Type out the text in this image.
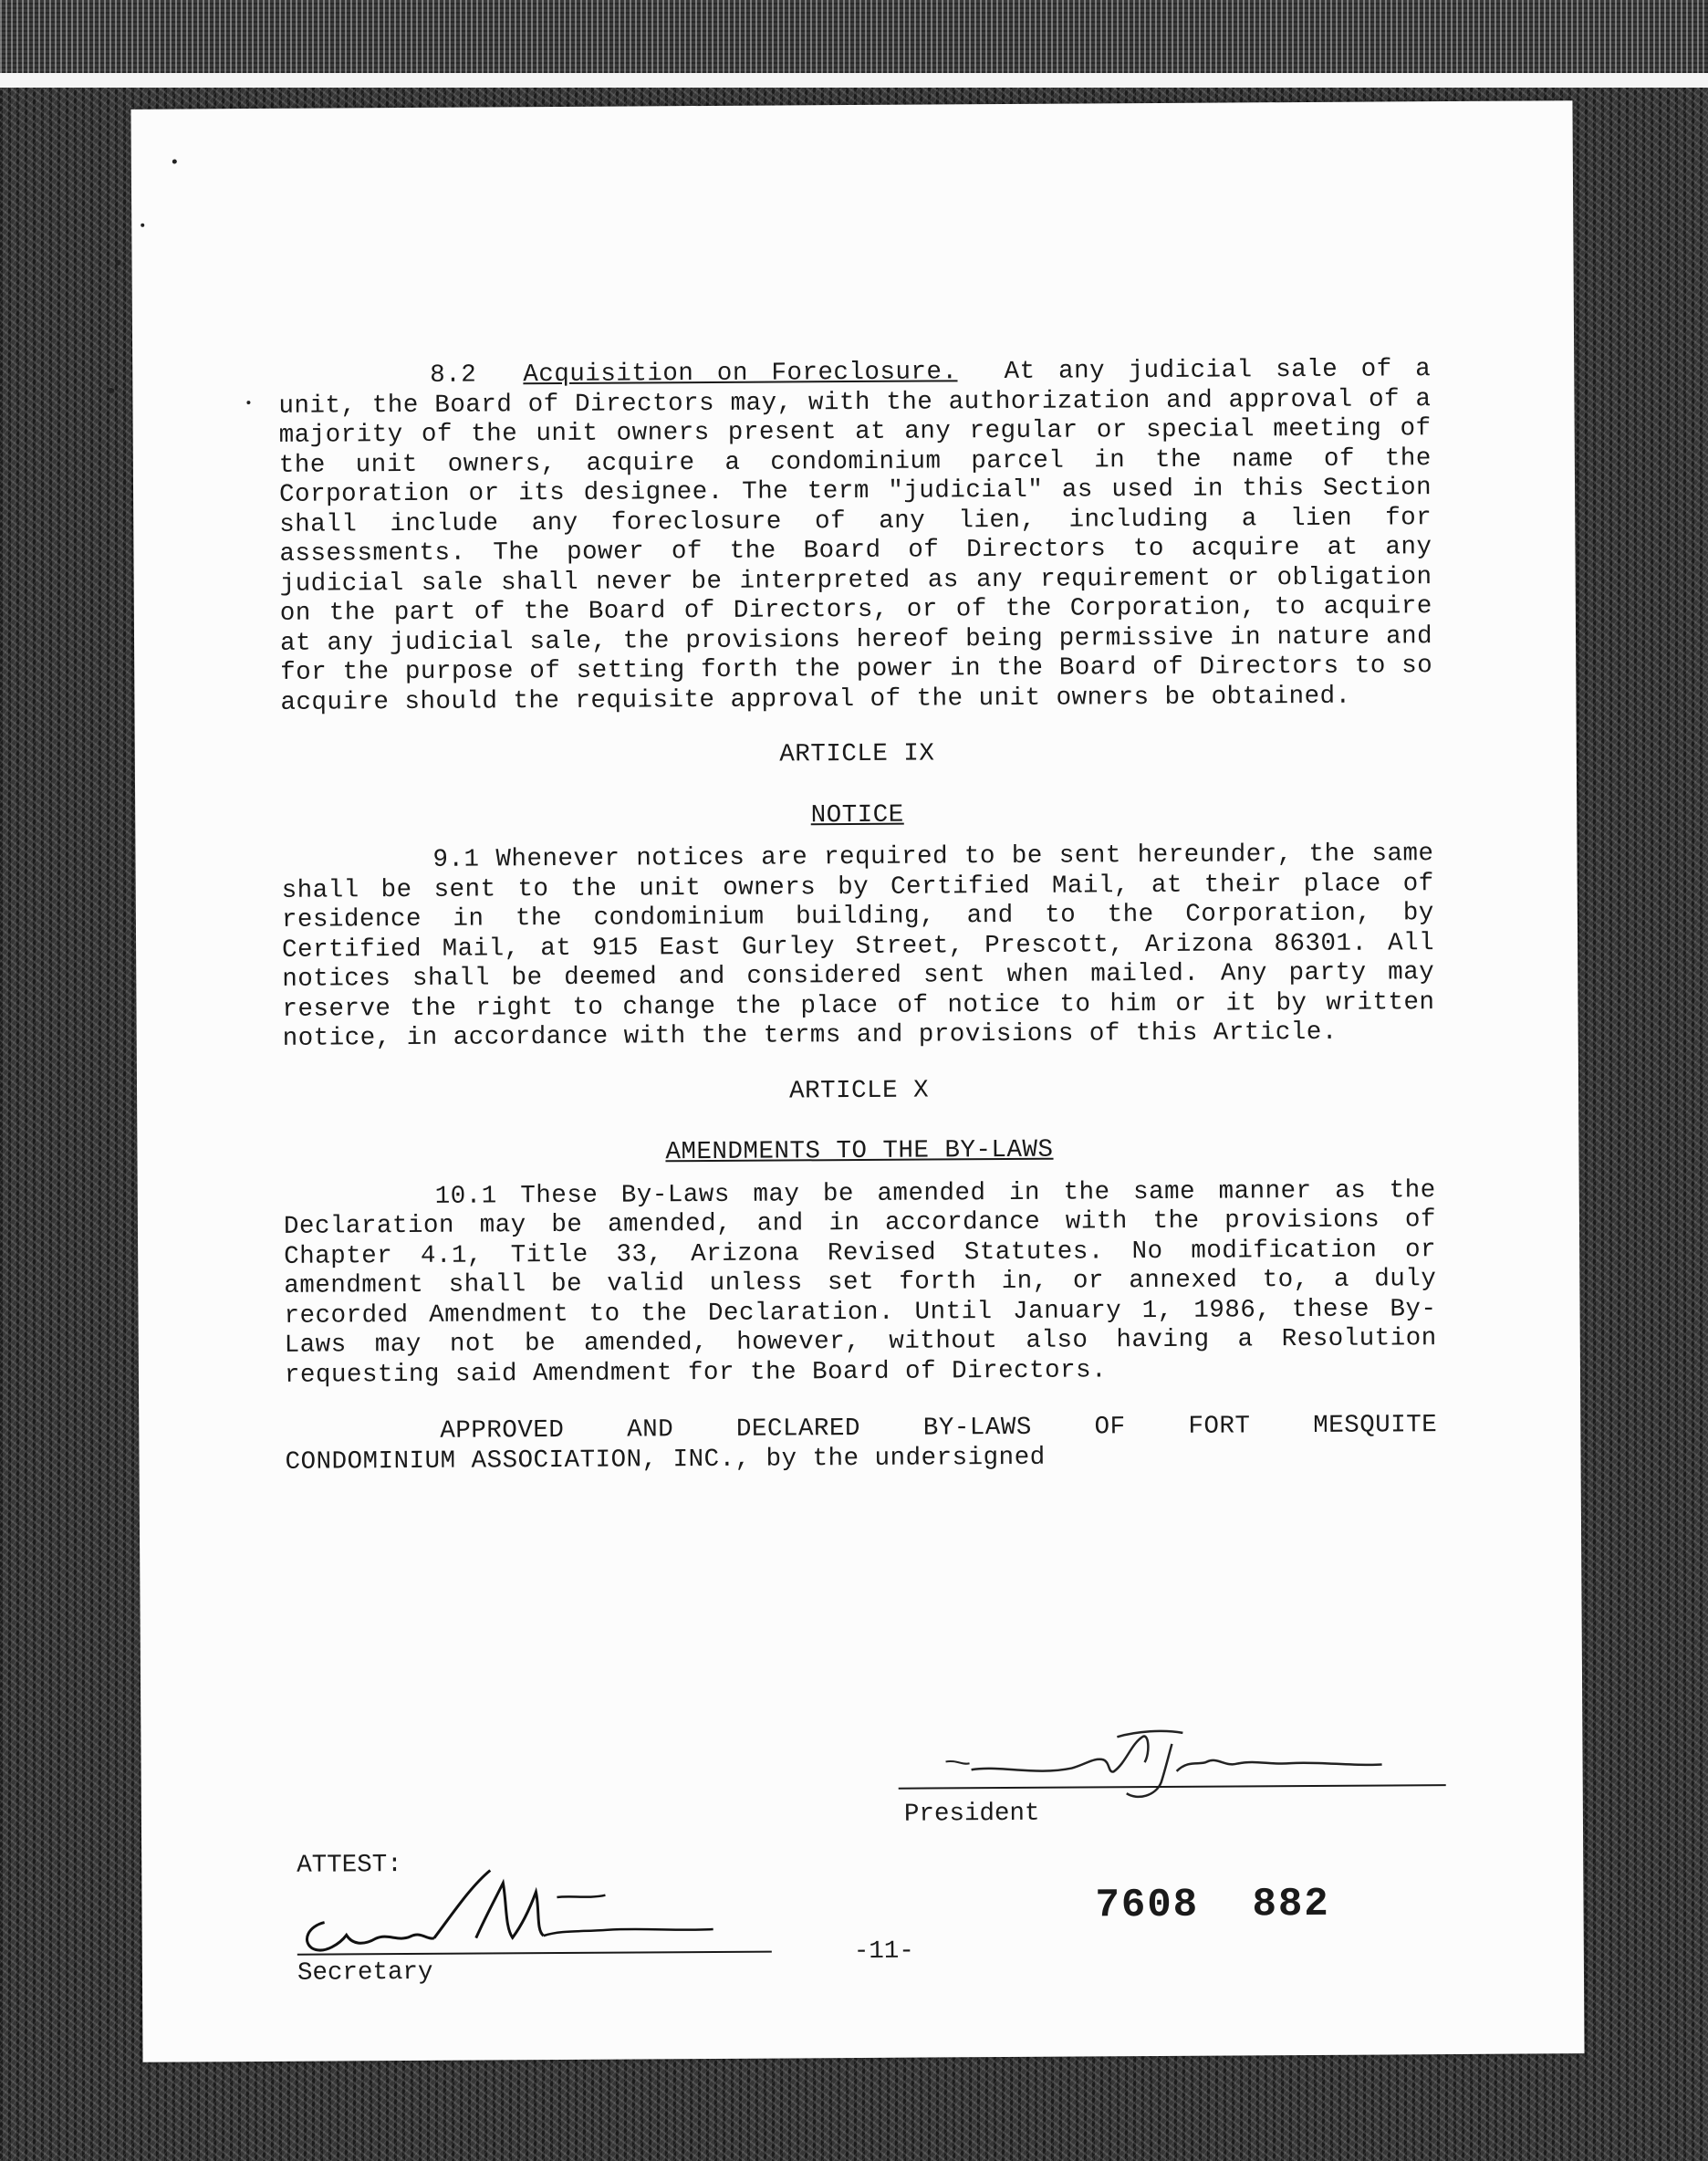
8.2 Acquisition on Foreclosure. At any judicial sale of a unit, the Board of Directors may, with the authorization and approval of a majority of the unit owners present at any regular or special meeting of the unit owners, acquire a condominium parcel in the name of the Corporation or its designee. The term "judicial" as used in this Section shall include any foreclosure of any lien, including a lien for assessments. The power of the Board of Directors to acquire at any judicial sale shall never be interpreted as any requirement or obligation on the part of the Board of Directors, or of the Corporation, to acquire at any judicial sale, the provisions hereof being permissive in nature and for the purpose of setting forth the power in the Board of Directors to so acquire should the requisite approval of the unit owners be obtained.

ARTICLE IX

NOTICE

9.1 Whenever notices are required to be sent hereunder, the same shall be sent to the unit owners by Certified Mail, at their place of residence in the condominium building, and to the Corporation, by Certified Mail, at 915 East Gurley Street, Prescott, Arizona 86301. All notices shall be deemed and considered sent when mailed. Any party may reserve the right to change the place of notice to him or it by written notice, in accordance with the terms and provisions of this Article.

ARTICLE X

AMENDMENTS TO THE BY-LAWS

10.1 These By-Laws may be amended in the same manner as the Declaration may be amended, and in accordance with the provisions of Chapter 4.1, Title 33, Arizona Revised Statutes. No modification or amendment shall be valid unless set forth in, or annexed to, a duly recorded Amendment to the Declaration. Until January 1, 1986, these By-Laws may not be amended, however, without also having a Resolution requesting said Amendment for the Board of Directors.

APPROVED AND DECLARED BY-LAWS OF FORT MESQUITE

CONDOMINIUM ASSOCIATION, INC., by the undersigned

President
ATTEST:
Secretary
7608 882
-11-
